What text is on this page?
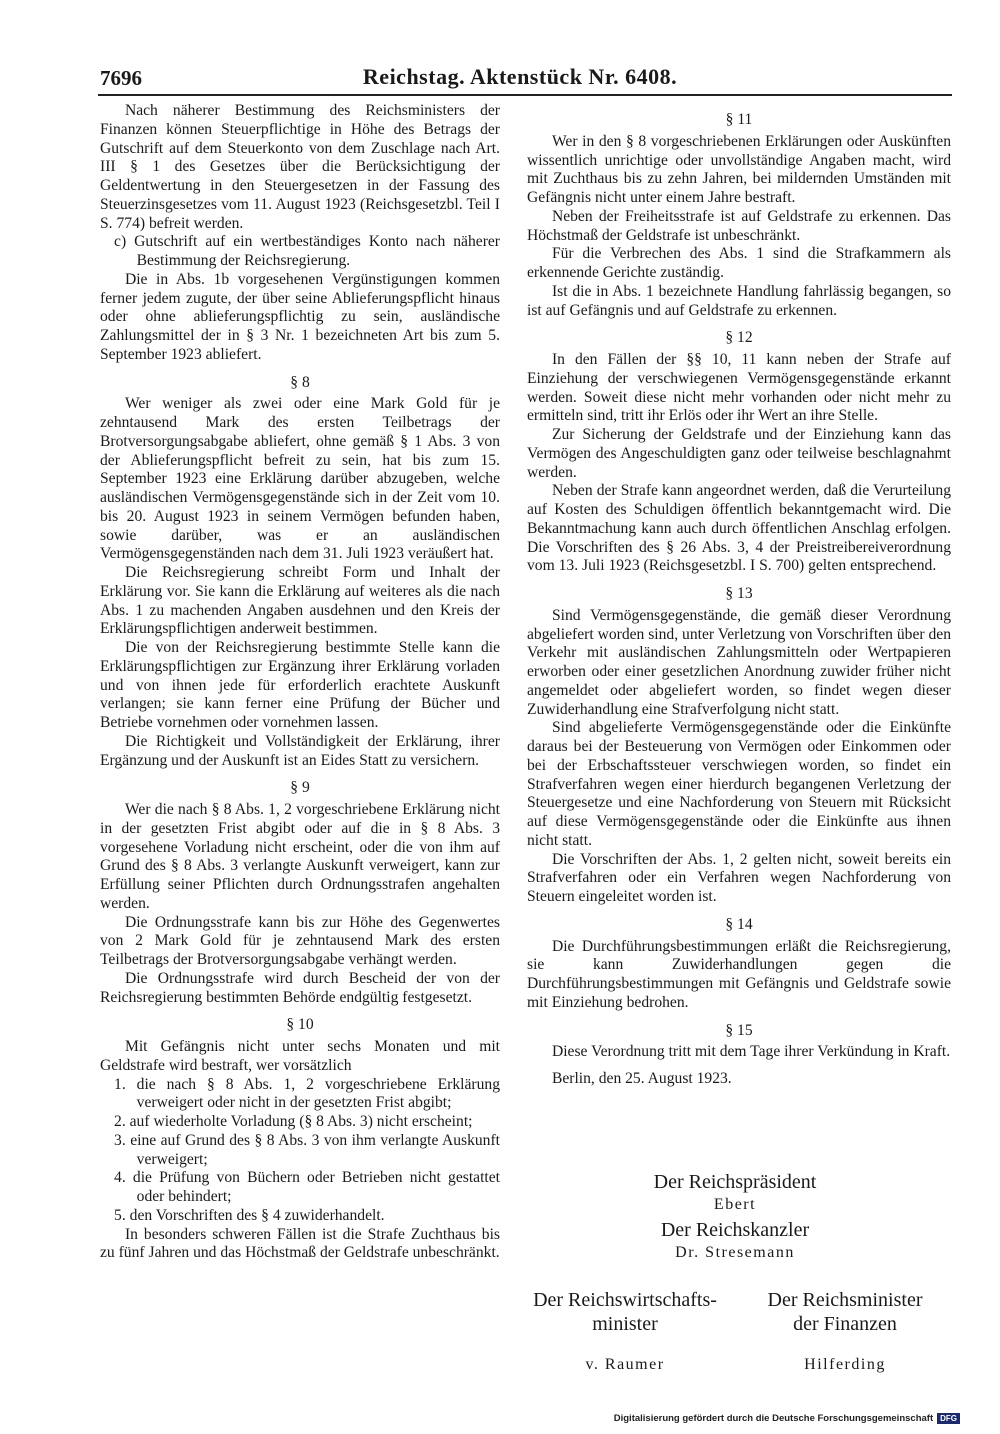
7696	Reichstag. Aktenstück Nr. 6408.

Nach näherer Bestimmung des Reichsministers der Finanzen können Steuerpflichtige in Höhe des Betrags der Gutschrift auf dem Steuerkonto von dem Zuschlage nach Art. III § 1 des Gesetzes über die Berücksichtigung der Geldentwertung in den Steuergesetzen in der Fassung des Steuerzinsgesetzes vom 11. August 1923 (Reichsgesetzbl. Teil I S. 774) befreit werden.

c) Gutschrift auf ein wertbeständiges Konto nach näherer Bestimmung der Reichsregierung.

Die in Abs. 1b vorgesehenen Vergünstigungen kommen ferner jedem zugute, der über seine Ablieferungspflicht hinaus oder ohne ablieferungspflichtig zu sein, ausländische Zahlungsmittel der in § 3 Nr. 1 bezeichneten Art bis zum 5. September 1923 abliefert.

§ 8

Wer weniger als zwei oder eine Mark Gold für je zehntausend Mark des ersten Teilbetrags der Brotversorgungsabgabe abliefert, ohne gemäß § 1 Abs. 3 von der Ablieferungspflicht befreit zu sein, hat bis zum 15. September 1923 eine Erklärung darüber abzugeben, welche ausländischen Vermögensgegenstände sich in der Zeit vom 10. bis 20. August 1923 in seinem Vermögen befunden haben, sowie darüber, was er an ausländischen Vermögensgegenständen nach dem 31. Juli 1923 veräußert hat.

Die Reichsregierung schreibt Form und Inhalt der Erklärung vor. Sie kann die Erklärung auf weiteres als die nach Abs. 1 zu machenden Angaben ausdehnen und den Kreis der Erklärungspflichtigen anderweit bestimmen.

Die von der Reichsregierung bestimmte Stelle kann die Erklärungspflichtigen zur Ergänzung ihrer Erklärung vorladen und von ihnen jede für erforderlich erachtete Auskunft verlangen; sie kann ferner eine Prüfung der Bücher und Betriebe vornehmen oder vornehmen lassen.

Die Richtigkeit und Vollständigkeit der Erklärung, ihrer Ergänzung und der Auskunft ist an Eides Statt zu versichern.

§ 9

Wer die nach § 8 Abs. 1, 2 vorgeschriebene Erklärung nicht in der gesetzten Frist abgibt oder auf die in § 8 Abs. 3 vorgesehene Vorladung nicht erscheint, oder die von ihm auf Grund des § 8 Abs. 3 verlangte Auskunft verweigert, kann zur Erfüllung seiner Pflichten durch Ordnungsstrafen angehalten werden.

Die Ordnungsstrafe kann bis zur Höhe des Gegenwertes von 2 Mark Gold für je zehntausend Mark des ersten Teilbetrags der Brotversorgungsabgabe verhängt werden.

Die Ordnungsstrafe wird durch Bescheid der von der Reichsregierung bestimmten Behörde endgültig festgesetzt.

§ 10

Mit Gefängnis nicht unter sechs Monaten und mit Geldstrafe wird bestraft, wer vorsätzlich

1. die nach § 8 Abs. 1, 2 vorgeschriebene Erklärung verweigert oder nicht in der gesetzten Frist abgibt;

2. auf wiederholte Vorladung (§ 8 Abs. 3) nicht erscheint;

3. eine auf Grund des § 8 Abs. 3 von ihm verlangte Auskunft verweigert;

4. die Prüfung von Büchern oder Betrieben nicht gestattet oder behindert;

5. den Vorschriften des § 4 zuwiderhandelt.

In besonders schweren Fällen ist die Strafe Zuchthaus bis zu fünf Jahren und das Höchstmaß der Geldstrafe unbeschränkt.

§ 11

Wer in den § 8 vorgeschriebenen Erklärungen oder Auskünften wissentlich unrichtige oder unvollständige Angaben macht, wird mit Zuchthaus bis zu zehn Jahren, bei mildernden Umständen mit Gefängnis nicht unter einem Jahre bestraft.

Neben der Freiheitsstrafe ist auf Geldstrafe zu erkennen. Das Höchstmaß der Geldstrafe ist unbeschränkt.

Für die Verbrechen des Abs. 1 sind die Strafkammern als erkennende Gerichte zuständig.

Ist die in Abs. 1 bezeichnete Handlung fahrlässig begangen, so ist auf Gefängnis und auf Geldstrafe zu erkennen.

§ 12

In den Fällen der §§ 10, 11 kann neben der Strafe auf Einziehung der verschwiegenen Vermögensgegenstände erkannt werden. Soweit diese nicht mehr vorhanden oder nicht mehr zu ermitteln sind, tritt ihr Erlös oder ihr Wert an ihre Stelle.

Zur Sicherung der Geldstrafe und der Einziehung kann das Vermögen des Angeschuldigten ganz oder teilweise beschlagnahmt werden.

Neben der Strafe kann angeordnet werden, daß die Verurteilung auf Kosten des Schuldigen öffentlich bekanntgemacht wird. Die Bekanntmachung kann auch durch öffentlichen Anschlag erfolgen. Die Vorschriften des § 26 Abs. 3, 4 der Preistreibereiverordnung vom 13. Juli 1923 (Reichsgesetzbl. I S. 700) gelten entsprechend.

§ 13

Sind Vermögensgegenstände, die gemäß dieser Verordnung abgeliefert worden sind, unter Verletzung von Vorschriften über den Verkehr mit ausländischen Zahlungsmitteln oder Wertpapieren erworben oder einer gesetzlichen Anordnung zuwider früher nicht angemeldet oder abgeliefert worden, so findet wegen dieser Zuwiderhandlung eine Strafverfolgung nicht statt.

Sind abgelieferte Vermögensgegenstände oder die Einkünfte daraus bei der Besteuerung von Vermögen oder Einkommen oder bei der Erbschaftssteuer verschwiegen worden, so findet ein Strafverfahren wegen einer hierdurch begangenen Verletzung der Steuergesetze und eine Nachforderung von Steuern mit Rücksicht auf diese Vermögensgegenstände oder die Einkünfte aus ihnen nicht statt.

Die Vorschriften der Abs. 1, 2 gelten nicht, soweit bereits ein Strafverfahren oder ein Verfahren wegen Nachforderung von Steuern eingeleitet worden ist.

§ 14

Die Durchführungsbestimmungen erläßt die Reichsregierung, sie kann Zuwiderhandlungen gegen die Durchführungsbestimmungen mit Gefängnis und Geldstrafe sowie mit Einziehung bedrohen.

§ 15

Diese Verordnung tritt mit dem Tage ihrer Verkündung in Kraft.

Berlin, den 25. August 1923.

Der Reichspräsident
Ebert
Der Reichskanzler
Dr. Stresemann

Der Reichswirtschafts-
minister

v. Raumer

Der Reichsminister
der Finanzen

Hilferding

Digitalisierung gefördert durch die Deutsche Forschungsgemeinschaft DFG
